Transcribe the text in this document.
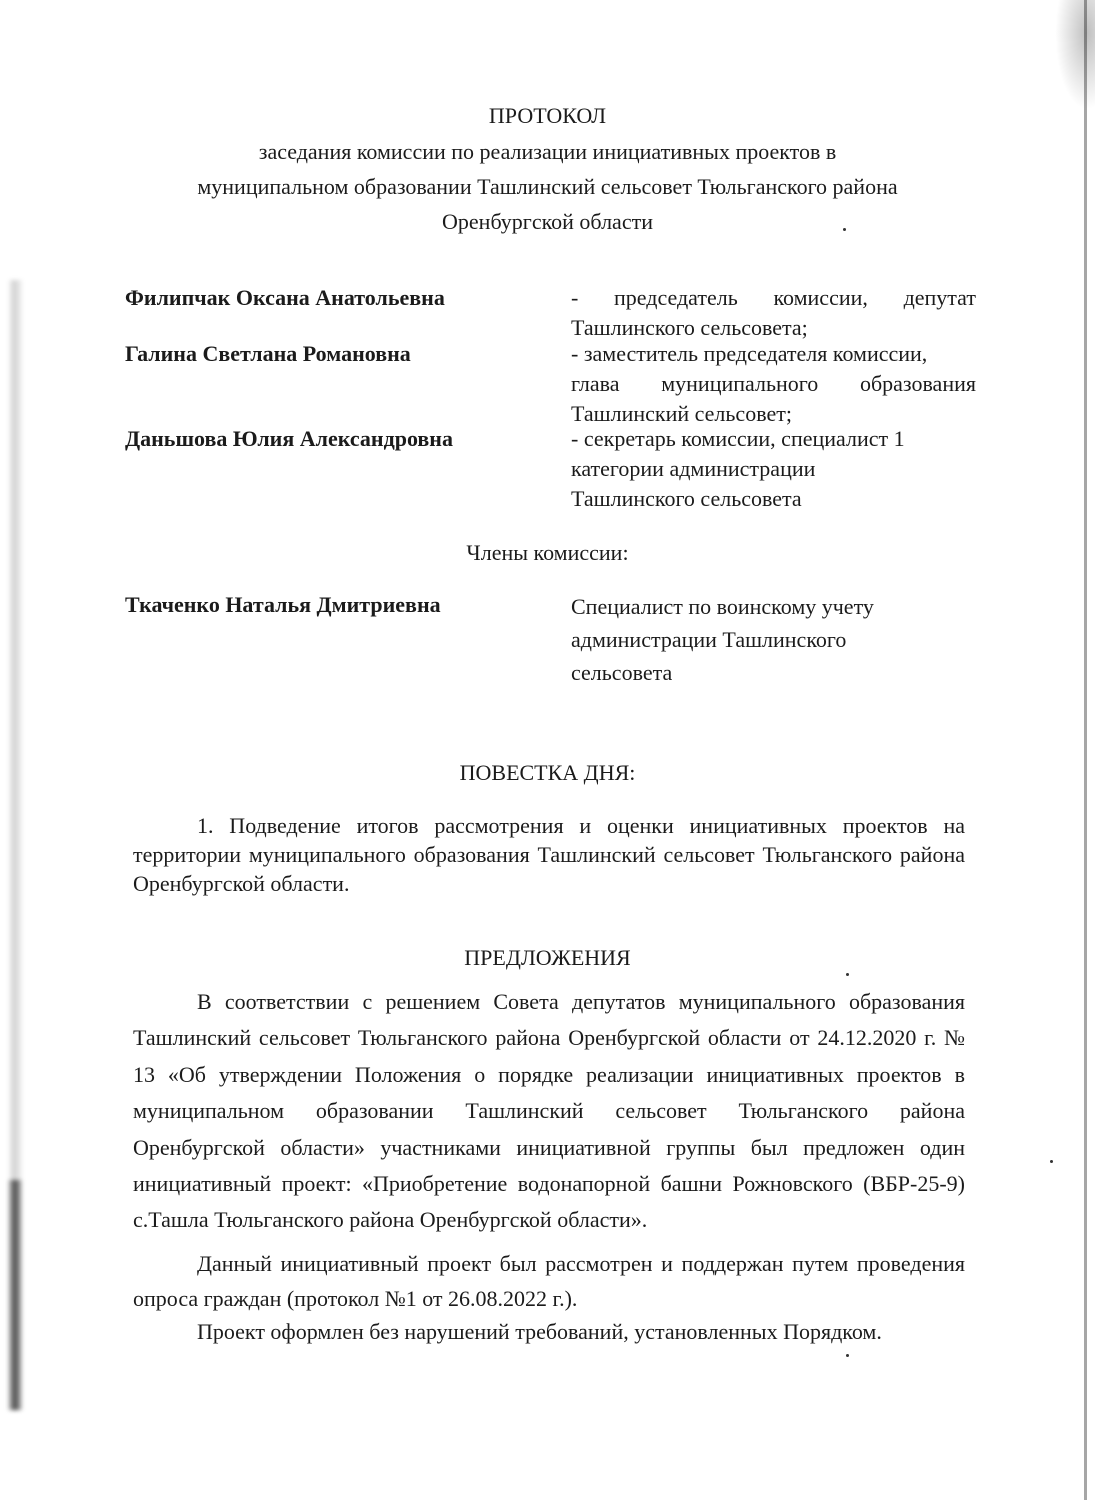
ПРОТОКОЛ
заседания комиссии по реализации инициативных проектов в
муниципальном образовании Ташлинский сельсовет Тюльганского района
Оренбургской области
Филипчак Оксана Анатольевна	- председатель комиссии, депутат
Ташлинского сельсовета;
Галина Светлана Романовна	- заместитель председателя комиссии,
глава муниципального образования
Ташлинский сельсовет;
Даньшова Юлия Александровна	- секретарь комиссии, специалист 1
категории администрации
Ташлинского сельсовета
Члены комиссии:
Ткаченко Наталья Дмитриевна	Специалист по воинскому учету
администрации Ташлинского
сельсовета
ПОВЕСТКА ДНЯ:
1. Подведение итогов рассмотрения и оценки инициативных проектов на территории муниципального образования Ташлинский сельсовет Тюльганского района Оренбургской области.
ПРЕДЛОЖЕНИЯ
В соответствии с решением Совета депутатов муниципального образования Ташлинский сельсовет Тюльганского района Оренбургской области от 24.12.2020 г. № 13 «Об утверждении Положения о порядке реализации инициативных проектов в муниципальном образовании Ташлинский сельсовет Тюльганского района Оренбургской области» участниками инициативной группы был предложен один инициативный проект: «Приобретение водонапорной башни Рожновского (ВБР-25-9) с.Ташла Тюльганского района Оренбургской области».
Данный инициативный проект был рассмотрен и поддержан путем проведения опроса граждан (протокол №1 от 26.08.2022 г.).
Проект оформлен без нарушений требований, установленных Порядком.
